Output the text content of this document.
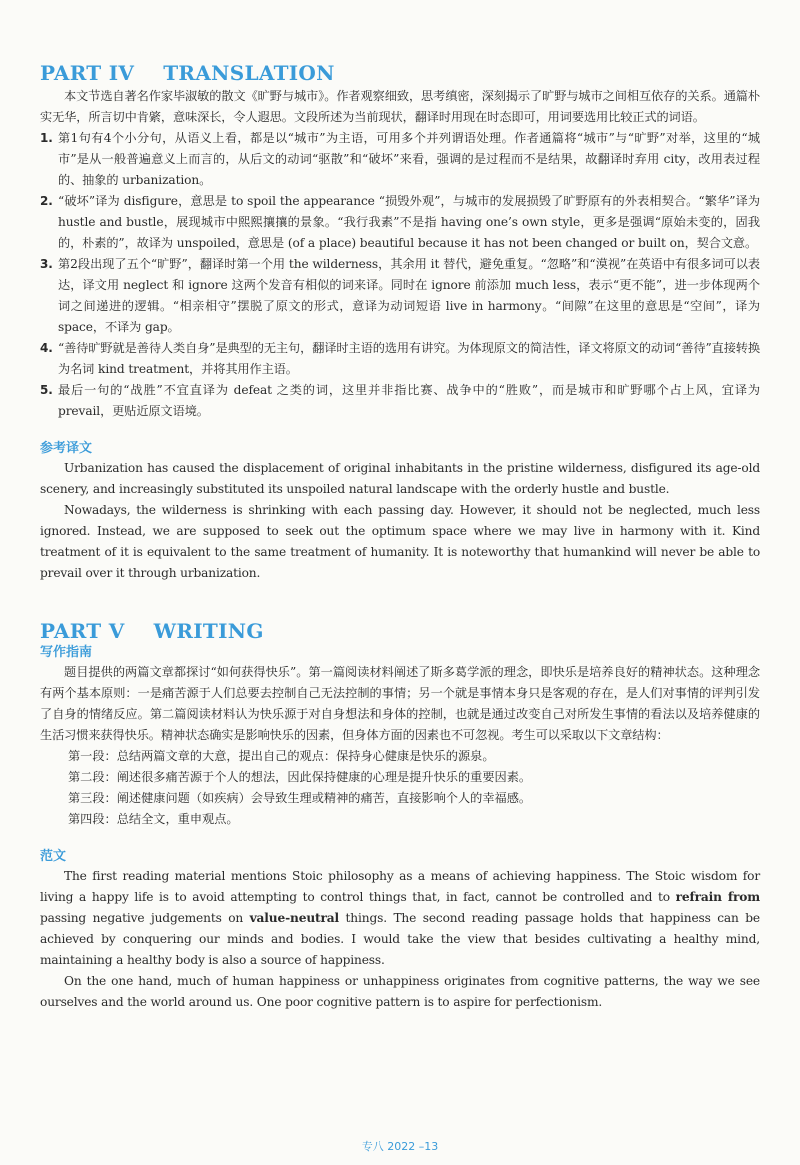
PART IV    TRANSLATION
本文节选自著名作家毕淑敏的散文《旷野与城市》。作者观察细致，思考缜密，深刻揭示了旷野与城市之间相互依存的关系。通篇朴实无华，所言切中肯綮，意味深长，令人遐思。文段所述为当前现状，翻译时用现在时态即可，用词要选用比较正式的词语。
1. 第1句有4个小分句，从语义上看，都是以“城市”为主语，可用多个并列谓语处理。作者通篇将“城市”与“旷野”对举，这里的“城市”是从一般普遍意义上而言的，从后文的动词“驱散”和“破坏”来看，强调的是过程而不是结果，故翻译时弃用 city，改用表过程的、抽象的 urbanization。
2. “破坏”译为 disfigure，意思是 to spoil the appearance “损毁外观”，与城市的发展损毁了旷野原有的外表相契合。“繁华”译为 hustle and bustle，展现城市中熙熙攘攘的景象。“我行我素”不是指 having one’s own style，更多是强调“原始未变的，固我的，朴素的”，故译为 unspoiled，意思是 (of a place) beautiful because it has not been changed or built on，契合文意。
3. 第2段出现了五个“旷野”，翻译时第一个用 the wilderness，其余用 it 替代，避免重复。“忽略”和“漠视”在英语中有很多词可以表达，译文用 neglect 和 ignore 这两个发音有相似的词来译。同时在 ignore 前添加 much less，表示“更不能”，进一步体现两个词之间递进的逻辑。“相亲相守”摆脱了原文的形式，意译为动词短语 live in harmony。“间隙”在这里的意思是“空间”，译为 space，不译为 gap。
4. “善待旷野就是善待人类自身”是典型的无主句，翻译时主语的选用有讲究。为体现原文的简洁性，译文将原文的动词“善待”直接转换为名词 kind treatment，并将其用作主语。
5. 最后一句的“战胜”不宜直译为 defeat 之类的词，这里并非指比赛、战争中的“胜败”，而是城市和旷野哪个占上风，宜译为 prevail，更贴近原文语境。
参考译文
Urbanization has caused the displacement of original inhabitants in the pristine wilderness, disfigured its age-old scenery, and increasingly substituted its unspoiled natural landscape with the orderly hustle and bustle.
Nowadays, the wilderness is shrinking with each passing day. However, it should not be neglected, much less ignored. Instead, we are supposed to seek out the optimum space where we may live in harmony with it. Kind treatment of it is equivalent to the same treatment of humanity. It is noteworthy that humankind will never be able to prevail over it through urbanization.
PART V    WRITING
写作指南
题目提供的两篇文章都探讨“如何获得快乐”。第一篇阅读材料阐述了斯多葛学派的理念，即快乐是培养良好的精神状态。这种理念有两个基本原则：一是痛苦源于人们总要去控制自己无法控制的事情；另一个就是事情本身只是客观的存在，是人们对事情的评判引发了自身的情绪反应。第二篇阅读材料认为快乐源于对自身想法和身体的控制，也就是通过改变自己对所发生事情的看法以及培养健康的生活习惯来获得快乐。精神状态确实是影响快乐的因素，但身体方面的因素也不可忽视。考生可以采取以下文章结构：
第一段：总结两篇文章的大意，提出自己的观点：保持身心健康是快乐的源泉。
第二段：阐述很多痛苦源于个人的想法，因此保持健康的心理是提升快乐的重要因素。
第三段：阐述健康问题（如疾病）会导致生理或精神的痛苦，直接影响个人的幸福感。
第四段：总结全文，重申观点。
范文
The first reading material mentions Stoic philosophy as a means of achieving happiness. The Stoic wisdom for living a happy life is to avoid attempting to control things that, in fact, cannot be controlled and to refrain from passing negative judgements on value-neutral things. The second reading passage holds that happiness can be achieved by conquering our minds and bodies. I would take the view that besides cultivating a healthy mind, maintaining a healthy body is also a source of happiness.
On the one hand, much of human happiness or unhappiness originates from cognitive patterns, the way we see ourselves and the world around us. One poor cognitive pattern is to aspire for perfectionism.
专八 2022 –13
